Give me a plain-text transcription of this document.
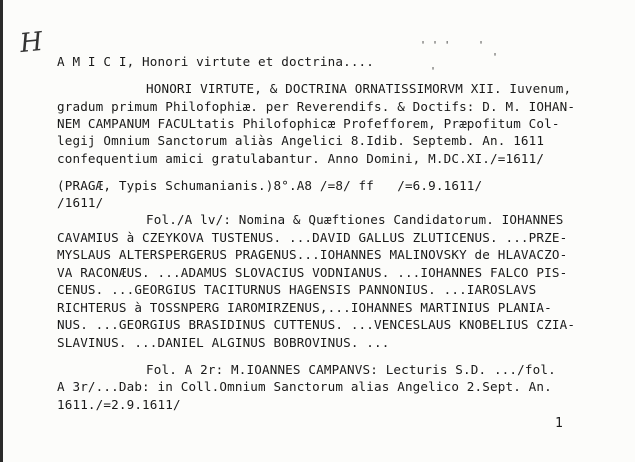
H
A M I C I, Honori virtute et doctrina....
HONORI VIRTUTE, & DOCTRINA ORNATISSIMORVM XII. Iuvenum,
gradum primum Philofophiæ. per Reverendifs. & Doctifs: D. M. IOHAN-
NEM CAMPANUM FACULtatis Philofophicæ Profefforem, Præpofitum Col-
legij Omnium Sanctorum aliàs Angelici 8.Idib. Septemb. An. 1611
confequentium amici gratulabantur. Anno Domini, M.DC.XI./=1611/
(PRAGÆ, Typis Schumanianis.)8°.A8 /=8/ ff   /=6.9.1611/
/1611/
Fol./A lv/: Nomina & Quæftiones Candidatorum. IOHANNES
CAVAMIUS à CZEYKOVA TUSTENUS. ...DAVID GALLUS ZLUTICENUS. ...PRZE-
MYSLAUS ALTERSPERGERUS PRAGENUS...IOHANNES MALINOVSKY de HLAVACZO-
VA RACONÆUS. ...ADAMUS SLOVACIUS VODNIANUS. ...IOHANNES FALCO PIS-
CENUS. ...GEORGIUS TACITURNUS HAGENSIS PANNONIUS. ...IAROSLAVS
RICHTERUS à TOSSNPERG IAROMIRZENUS,...IOHANNES MARTINIUS PLANIA-
NUS. ...GEORGIUS BRASIDINUS CUTTENUS. ...VENCESLAUS KNOBELIUS CZIA-
SLAVINUS. ...DANIEL ALGINUS BOBROVINUS. ...
Fol. A 2r: M.IOANNES CAMPANVS: Lecturis S.D. .../fol.
A 3r/...Dab: in Coll.Omnium Sanctorum alias Angelico 2.Sept. An.
1611./=2.9.1611/
1
' ' '	'
'
'
